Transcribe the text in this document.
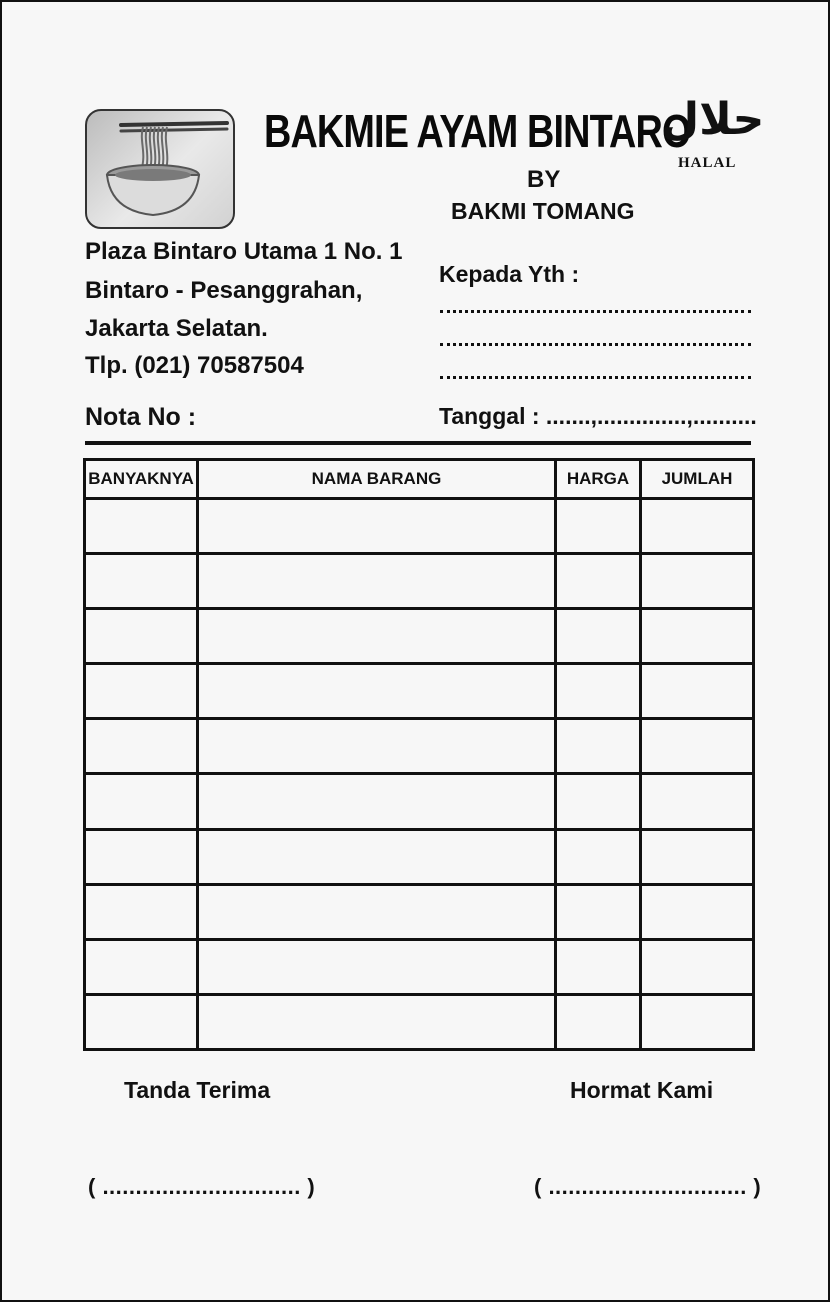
BAKMIE AYAM BINTARO
BY
BAKMI TOMANG
حلال
HALAL
Plaza Bintaro Utama 1 No. 1
Bintaro - Pesanggrahan,
Jakarta Selatan.
Tlp. (021) 70587504
Kepada Yth :
Nota No :	Tanggal : .......,..............,..........
BANYAKNYA	NAMA BARANG	HARGA	JUMLAH

Tanda Terima	Hormat Kami
( .............................. )	( .............................. )
